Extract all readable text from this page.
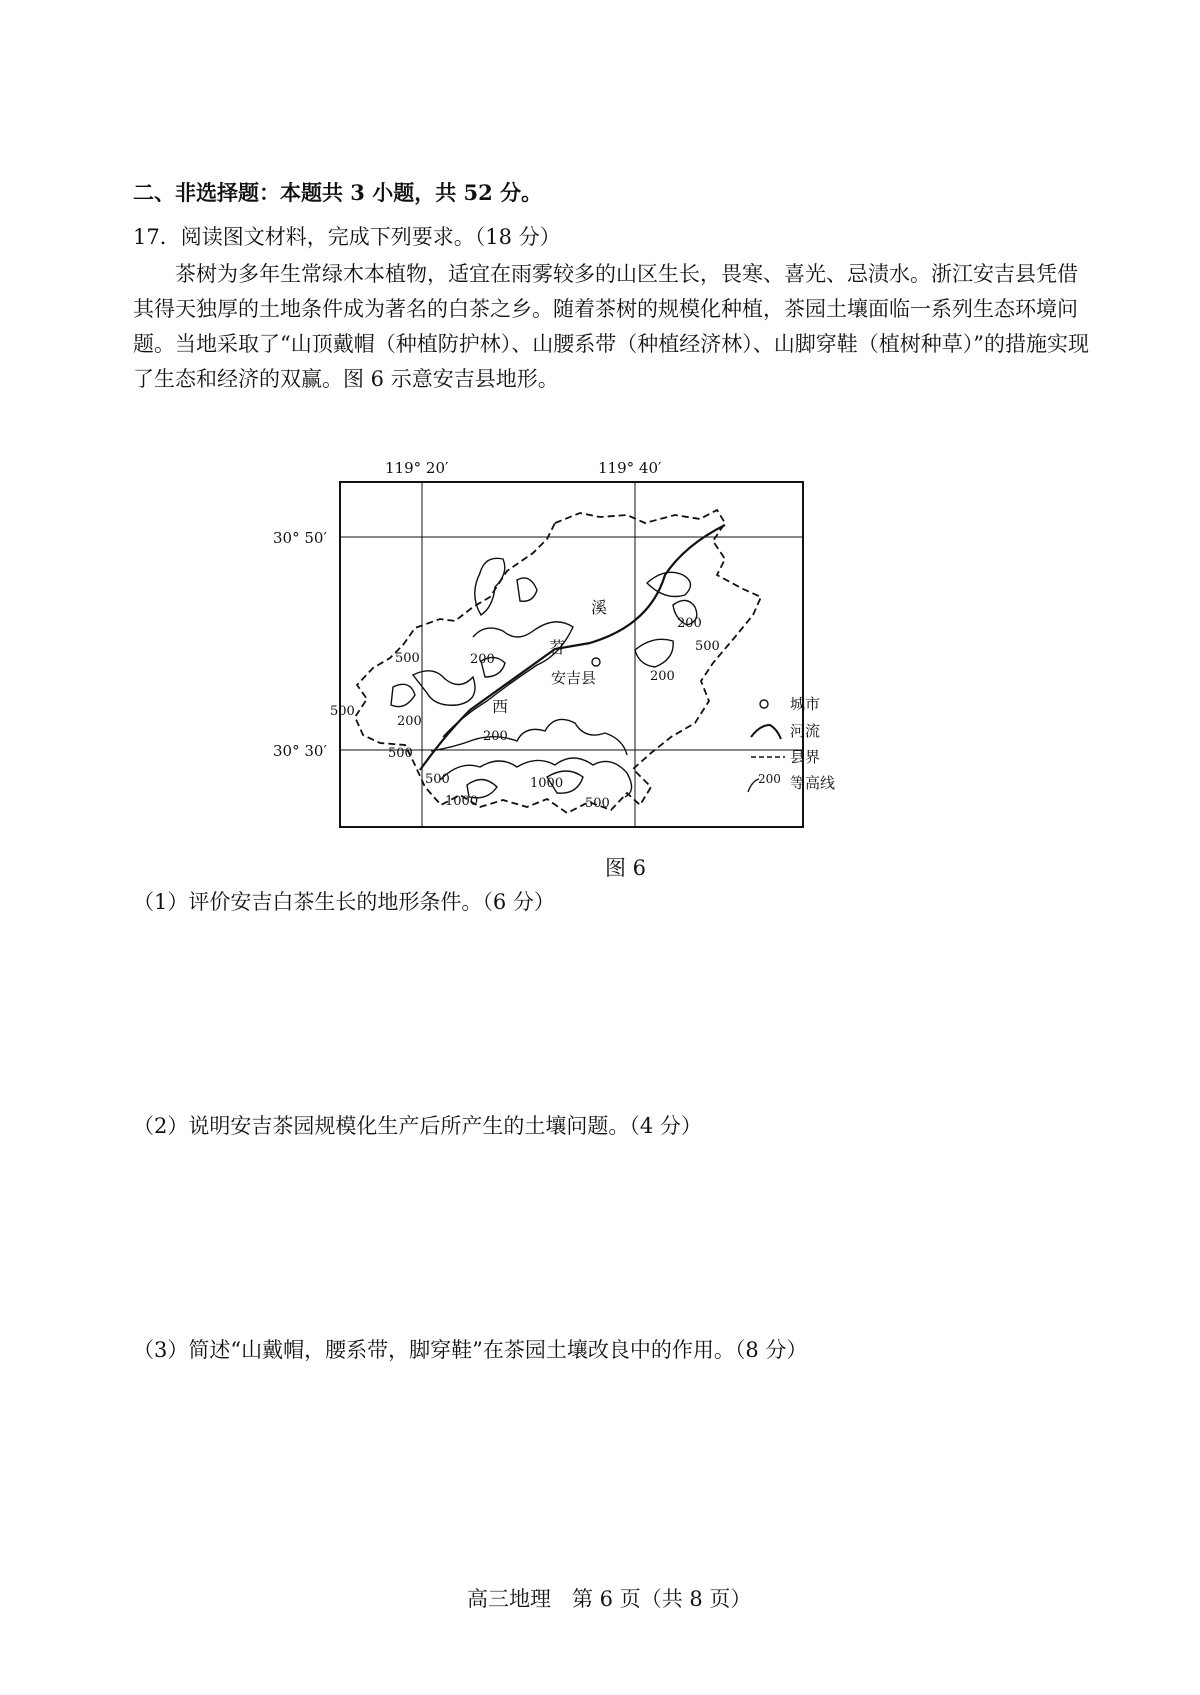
二、非选择题：本题共 3 小题，共 52 分。
17．阅读图文材料，完成下列要求。（18 分）
茶树为多年生常绿木本植物，适宜在雨雾较多的山区生长，畏寒、喜光、忌渍水。浙江安吉县凭借其得天独厚的土地条件成为著名的白茶之乡。随着茶树的规模化种植，茶园土壤面临一系列生态环境问题。当地采取了“山顶戴帽（种植防护林）、山腰系带（种植经济林）、山脚穿鞋（植树种草）”的措施实现了生态和经济的双赢。图 6 示意安吉县地形。
119° 20′	119° 40′
30° 50′
30° 30′
500	200
200
500
200
500
200
200
500
500
1000
1000
500
溪
苕
西
安吉县
城市
河流
县界
200 等高线
图 6
（1）评价安吉白茶生长的地形条件。（6 分）
（2）说明安吉茶园规模化生产后所产生的土壤问题。（4 分）
（3）简述“山戴帽，腰系带，脚穿鞋”在茶园土壤改良中的作用。（8 分）
高三地理　第 6 页（共 8 页）
